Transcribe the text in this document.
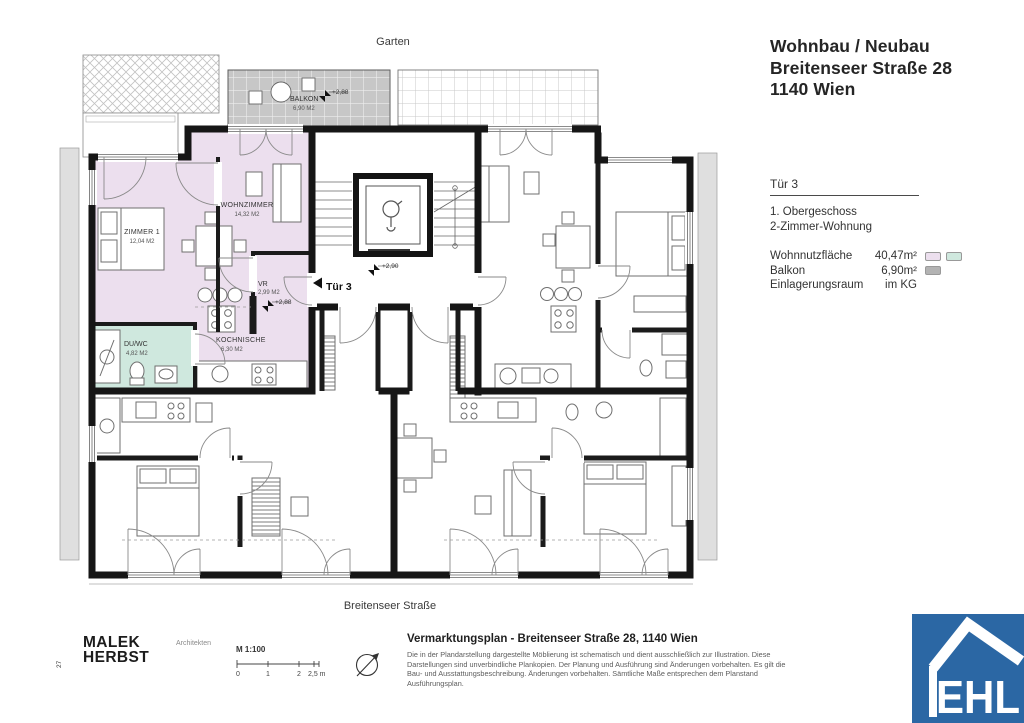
Garten
Breitenseer Straße
ZIMMER 1
12,04 M2
WOHNZIMMER
14,32 M2
VR
2,99 M2
KOCHNISCHE
6,30 M2
DU/WC
4,82 M2
BALKON
6,90 M2
+2,88
+2,88
+2,90
Tür 3
Wohnbau / Neubau
Breitenseer Straße 28
1140 Wien
Tür 3
1. Obergeschoss
2-Zimmer-Wohnung
Wohnnutzfläche	40,47m²
Balkon	6,90m²
Einlagerungsraum	im KG
27
MALEK
HERBST
Architekten
M 1:100
0	1	2 2,5 m
Vermarktungsplan - Breitenseer Straße 28, 1140 Wien
Die in der Plandarstellung dargestellte Möblierung ist schematisch und dient ausschließlich zur Illustration. Diese Darstellungen sind unverbindliche Plankopien. Der Planung und Ausführung sind Änderungen vorbehalten. Es gilt die Bau- und Ausstattungsbeschreibung. Änderungen vorbehalten. Sämtliche Maße entsprechen dem Planstand Ausführungsplan.	EHL
